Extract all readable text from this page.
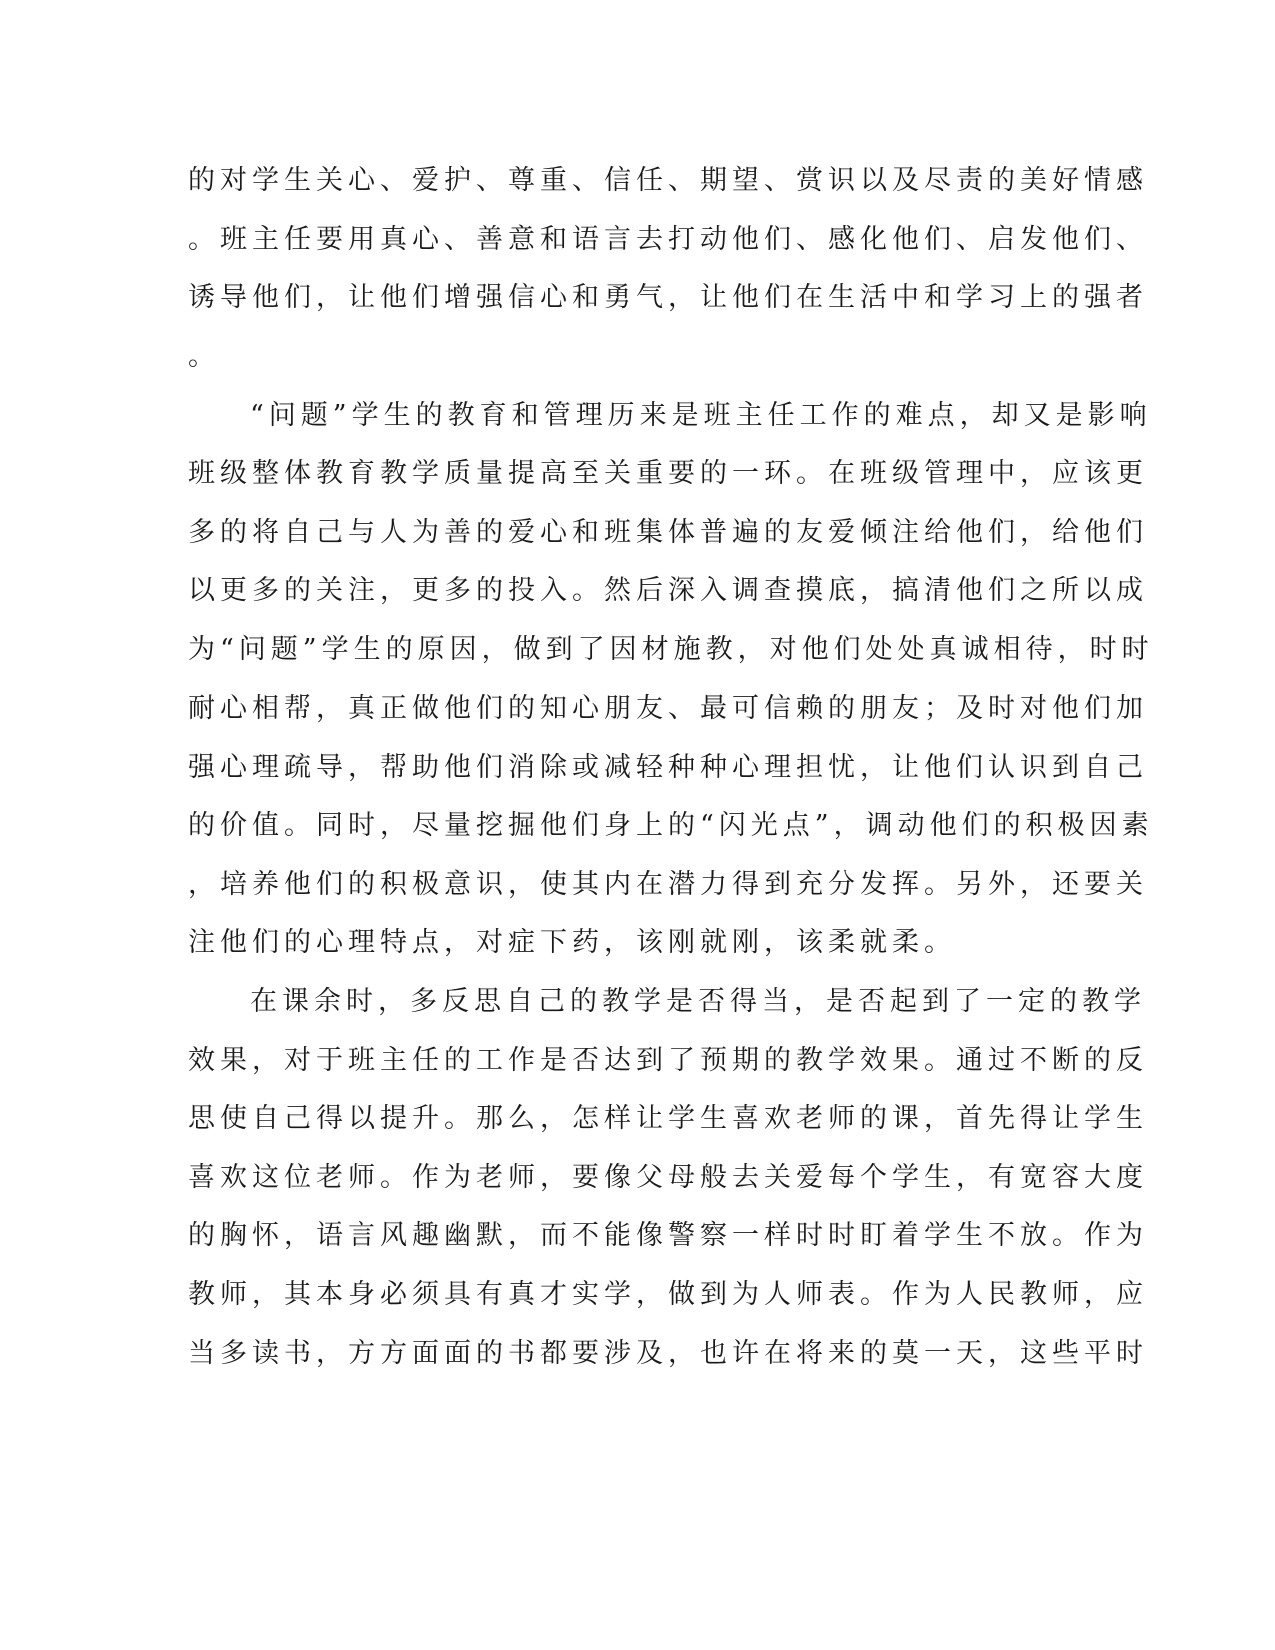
的对学生关心、爱护、尊重、信任、期望、赏识以及尽责的美好情感
。班主任要用真心、善意和语言去打动他们、感化他们、启发他们、
诱导他们，让他们增强信心和勇气，让他们在生活中和学习上的强者
。
“问题”学生的教育和管理历来是班主任工作的难点，却又是影响
班级整体教育教学质量提高至关重要的一环。在班级管理中，应该更
多的将自己与人为善的爱心和班集体普遍的友爱倾注给他们，给他们
以更多的关注，更多的投入。然后深入调查摸底，搞清他们之所以成
为“问题”学生的原因，做到了因材施教，对他们处处真诚相待，时时
耐心相帮，真正做他们的知心朋友、最可信赖的朋友；及时对他们加
强心理疏导，帮助他们消除或减轻种种心理担忧，让他们认识到自己
的价值。同时，尽量挖掘他们身上的“闪光点”，调动他们的积极因素
，培养他们的积极意识，使其内在潜力得到充分发挥。另外，还要关
注他们的心理特点，对症下药，该刚就刚，该柔就柔。
在课余时，多反思自己的教学是否得当，是否起到了一定的教学
效果，对于班主任的工作是否达到了预期的教学效果。通过不断的反
思使自己得以提升。那么，怎样让学生喜欢老师的课，首先得让学生
喜欢这位老师。作为老师，要像父母般去关爱每个学生，有宽容大度
的胸怀，语言风趣幽默，而不能像警察一样时时盯着学生不放。作为
教师，其本身必须具有真才实学，做到为人师表。作为人民教师，应
当多读书，方方面面的书都要涉及，也许在将来的莫一天，这些平时
